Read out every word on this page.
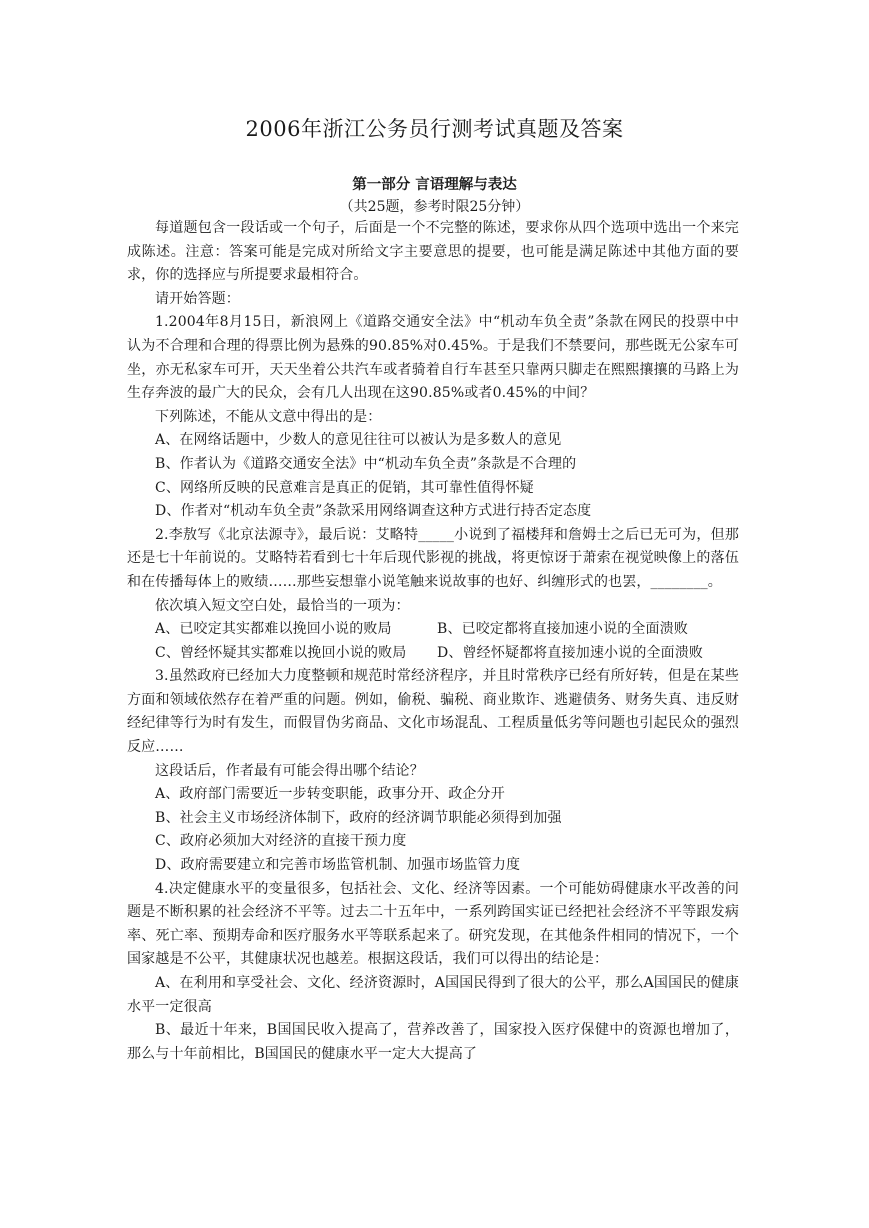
2006年浙江公务员行测考试真题及答案
第一部分 言语理解与表达
（共25题，参考时限25分钟）

每道题包含一段话或一个句子，后面是一个不完整的陈述，要求你从四个选项中选出一个来完成陈述。注意：答案可能是完成对所给文字主要意思的提要，也可能是满足陈述中其他方面的要求，你的选择应与所提要求最相符合。

请开始答题：

1.2004年8月15日，新浪网上《道路交通安全法》中“机动车负全责”条款在网民的投票中中认为不合理和合理的得票比例为悬殊的90.85%对0.45%。于是我们不禁要问，那些既无公家车可坐，亦无私家车可开，天天坐着公共汽车或者骑着自行车甚至只靠两只脚走在熙熙攘攘的马路上为生存奔波的最广大的民众，会有几人出现在这90.85%或者0.45%的中间？

下列陈述，不能从文意中得出的是：

A、在网络话题中，少数人的意见往往可以被认为是多数人的意见
B、作者认为《道路交通安全法》中“机动车负全责”条款是不合理的
C、网络所反映的民意难言是真正的促销，其可靠性值得怀疑
D、作者对“机动车负全责”条款采用网络调查这种方式进行持否定态度

2.李敖写《北京法源寺》，最后说：艾略特_____小说到了福楼拜和詹姆士之后已无可为，但那还是七十年前说的。艾略特若看到七十年后现代影视的挑战，将更惊讶于萧索在视觉映像上的落伍和在传播每体上的败绩……那些妄想靠小说笔触来说故事的也好、纠缠形式的也罢，________。

依次填入短文空白处，最恰当的一项为：

A、已咬定其实都难以挽回小说的败局	B、已咬定都将直接加速小说的全面溃败
C、曾经怀疑其实都难以挽回小说的败局	D、曾经怀疑都将直接加速小说的全面溃败

3.虽然政府已经加大力度整顿和规范时常经济程序，并且时常秩序已经有所好转，但是在某些方面和领域依然存在着严重的问题。例如，偷税、骗税、商业欺诈、逃避债务、财务失真、违反财经纪律等行为时有发生，而假冒伪劣商品、文化市场混乱、工程质量低劣等问题也引起民众的强烈反应……

这段话后，作者最有可能会得出哪个结论？

A、政府部门需要近一步转变职能，政事分开、政企分开
B、社会主义市场经济体制下，政府的经济调节职能必须得到加强
C、政府必须加大对经济的直接干预力度
D、政府需要建立和完善市场监管机制、加强市场监管力度

4.决定健康水平的变量很多，包括社会、文化、经济等因素。一个可能妨碍健康水平改善的问题是不断积累的社会经济不平等。过去二十五年中，一系列跨国实证已经把社会经济不平等跟发病率、死亡率、预期寿命和医疗服务水平等联系起来了。研究发现，在其他条件相同的情况下，一个国家越是不公平，其健康状况也越差。根据这段话，我们可以得出的结论是：

A、在利用和享受社会、文化、经济资源时，A国国民得到了很大的公平，那么A国国民的健康水平一定很高

B、最近十年来，B国国民收入提高了，营养改善了，国家投入医疗保健中的资源也增加了，那么与十年前相比，B国国民的健康水平一定大大提高了
